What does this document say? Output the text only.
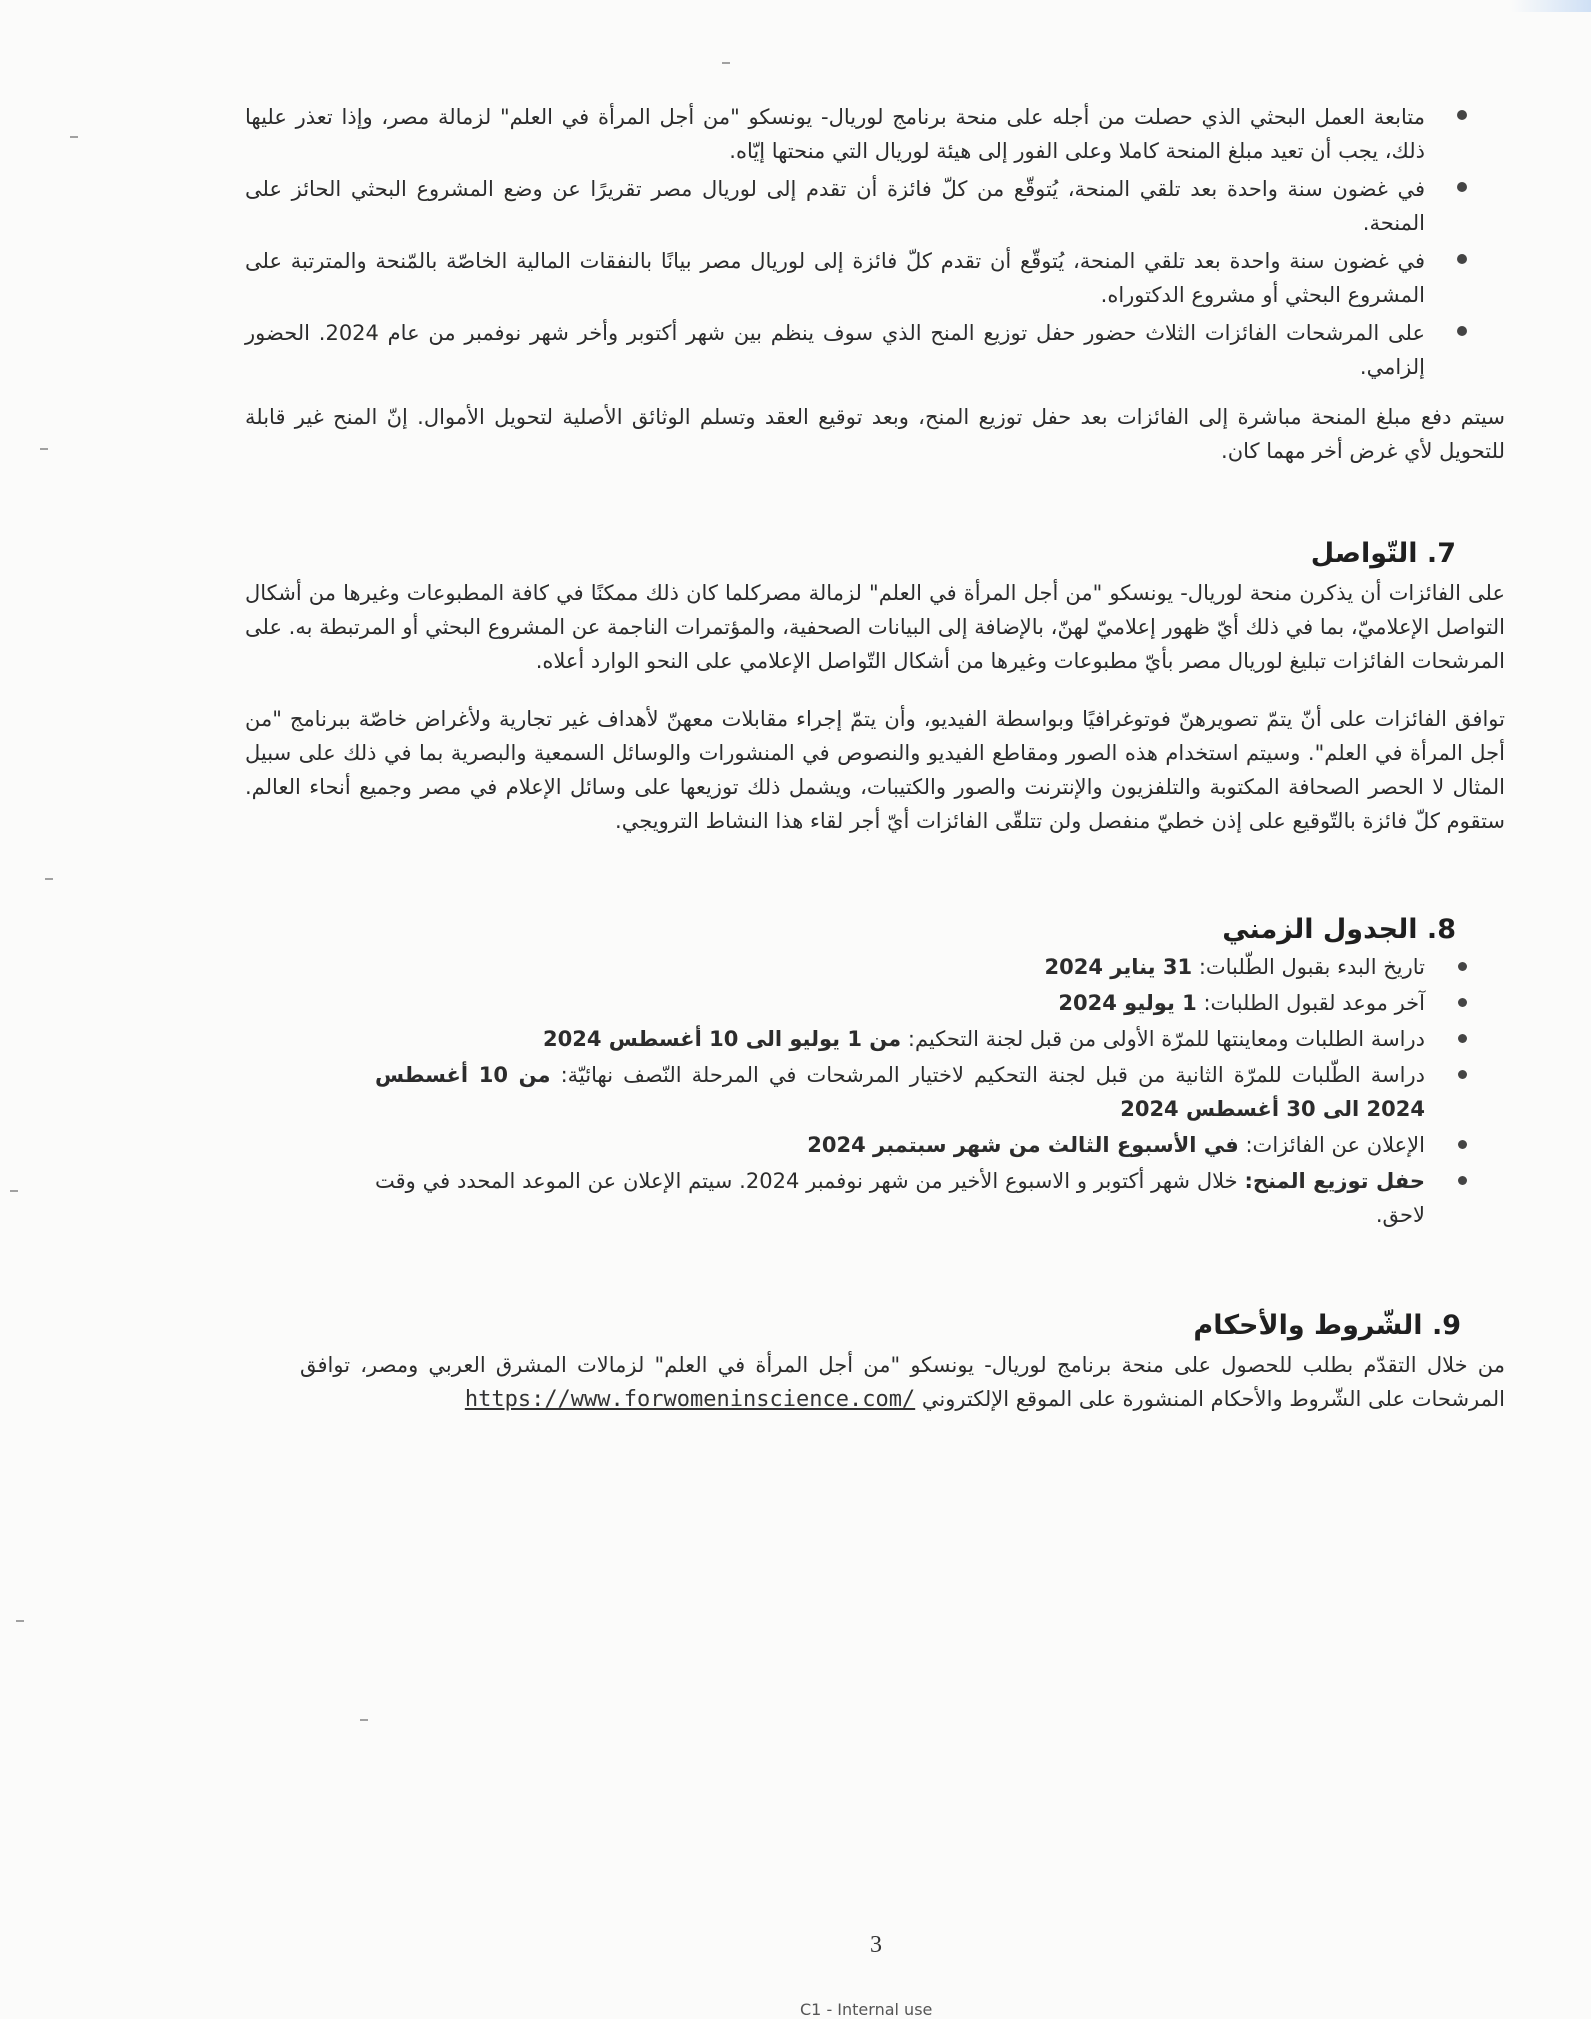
متابعة العمل البحثي الذي حصلت من أجله على منحة برنامج لوريال- يونسكو "من أجل المرأة في العلم" لزمالة مصر، وإذا تعذر عليها ذلك، يجب أن تعيد مبلغ المنحة كاملا وعلى الفور إلى هيئة لوريال التي منحتها إيّاه.
في غضون سنة واحدة بعد تلقي المنحة، يُتوقّع من كلّ فائزة أن تقدم إلى لوريال مصر تقريرًا عن وضع المشروع البحثي الحائز على المنحة.
في غضون سنة واحدة بعد تلقي المنحة، يُتوقّع أن تقدم كلّ فائزة إلى لوريال مصر بيانًا بالنفقات المالية الخاصّة بالمّنحة والمترتبة على المشروع البحثي أو مشروع الدكتوراه.
على المرشحات الفائزات الثلاث حضور حفل توزيع المنح الذي سوف ينظم بين شهر أكتوبر وأخر شهر نوفمبر من عام 2024. الحضور إلزامي.
سيتم دفع مبلغ المنحة مباشرة إلى الفائزات بعد حفل توزيع المنح، وبعد توقيع العقد وتسلم الوثائق الأصلية لتحويل الأموال. إنّ المنح غير قابلة للتحويل لأي غرض أخر مهما كان.
7. التّواصل
على الفائزات أن يذكرن منحة لوريال- يونسكو "من أجل المرأة في العلم" لزمالة مصركلما كان ذلك ممكنًا في كافة المطبوعات وغيرها من أشكال التواصل الإعلاميّ، بما في ذلك أيّ ظهور إعلاميّ لهنّ، بالإضافة إلى البيانات الصحفية، والمؤتمرات الناجمة عن المشروع البحثي أو المرتبطة به. على المرشحات الفائزات تبليغ لوريال مصر بأيّ مطبوعات وغيرها من أشكال التّواصل الإعلامي على النحو الوارد أعلاه.
توافق الفائزات على أنّ يتمّ تصويرهنّ فوتوغرافيًا وبواسطة الفيديو، وأن يتمّ إجراء مقابلات معهنّ لأهداف غير تجارية ولأغراض خاصّة ببرنامج "من أجل المرأة في العلم". وسيتم استخدام هذه الصور ومقاطع الفيديو والنصوص في المنشورات والوسائل السمعية والبصرية بما في ذلك على سبيل المثال لا الحصر الصحافة المكتوبة والتلفزيون والإنترنت والصور والكتيبات، ويشمل ذلك توزيعها على وسائل الإعلام في مصر وجميع أنحاء العالم. ستقوم كلّ فائزة بالتّوقيع على إذن خطيّ منفصل ولن تتلقّى الفائزات أيّ أجر لقاء هذا النشاط الترويجي.
8. الجدول الزمني
تاريخ البدء بقبول الطّلبات: 31 يناير 2024
آخر موعد لقبول الطلبات: 1 يوليو 2024
دراسة الطلبات ومعاينتها للمرّة الأولى من قبل لجنة التحكيم: من 1 يوليو الى 10 أغسطس 2024
دراسة الطّلبات للمرّة الثانية من قبل لجنة التحكيم لاختيار المرشحات في المرحلة النّصف نهائيّة: من 10 أغسطس 2024 الى 30 أغسطس 2024
الإعلان عن الفائزات: في الأسبوع الثالث من شهر سبتمبر 2024
حفل توزيع المنح: خلال شهر أكتوبر و الاسبوع الأخير من شهر نوفمبر 2024. سيتم الإعلان عن الموعد المحدد في وقت لاحق.
9. الشّروط والأحكام
من خلال التقدّم بطلب للحصول على منحة برنامج لوريال- يونسكو "من أجل المرأة في العلم" لزمالات المشرق العربي ومصر، توافق المرشحات على الشّروط والأحكام المنشورة على الموقع الإلكتروني https://www.forwomeninscience.com/
3
C1 - Internal use
